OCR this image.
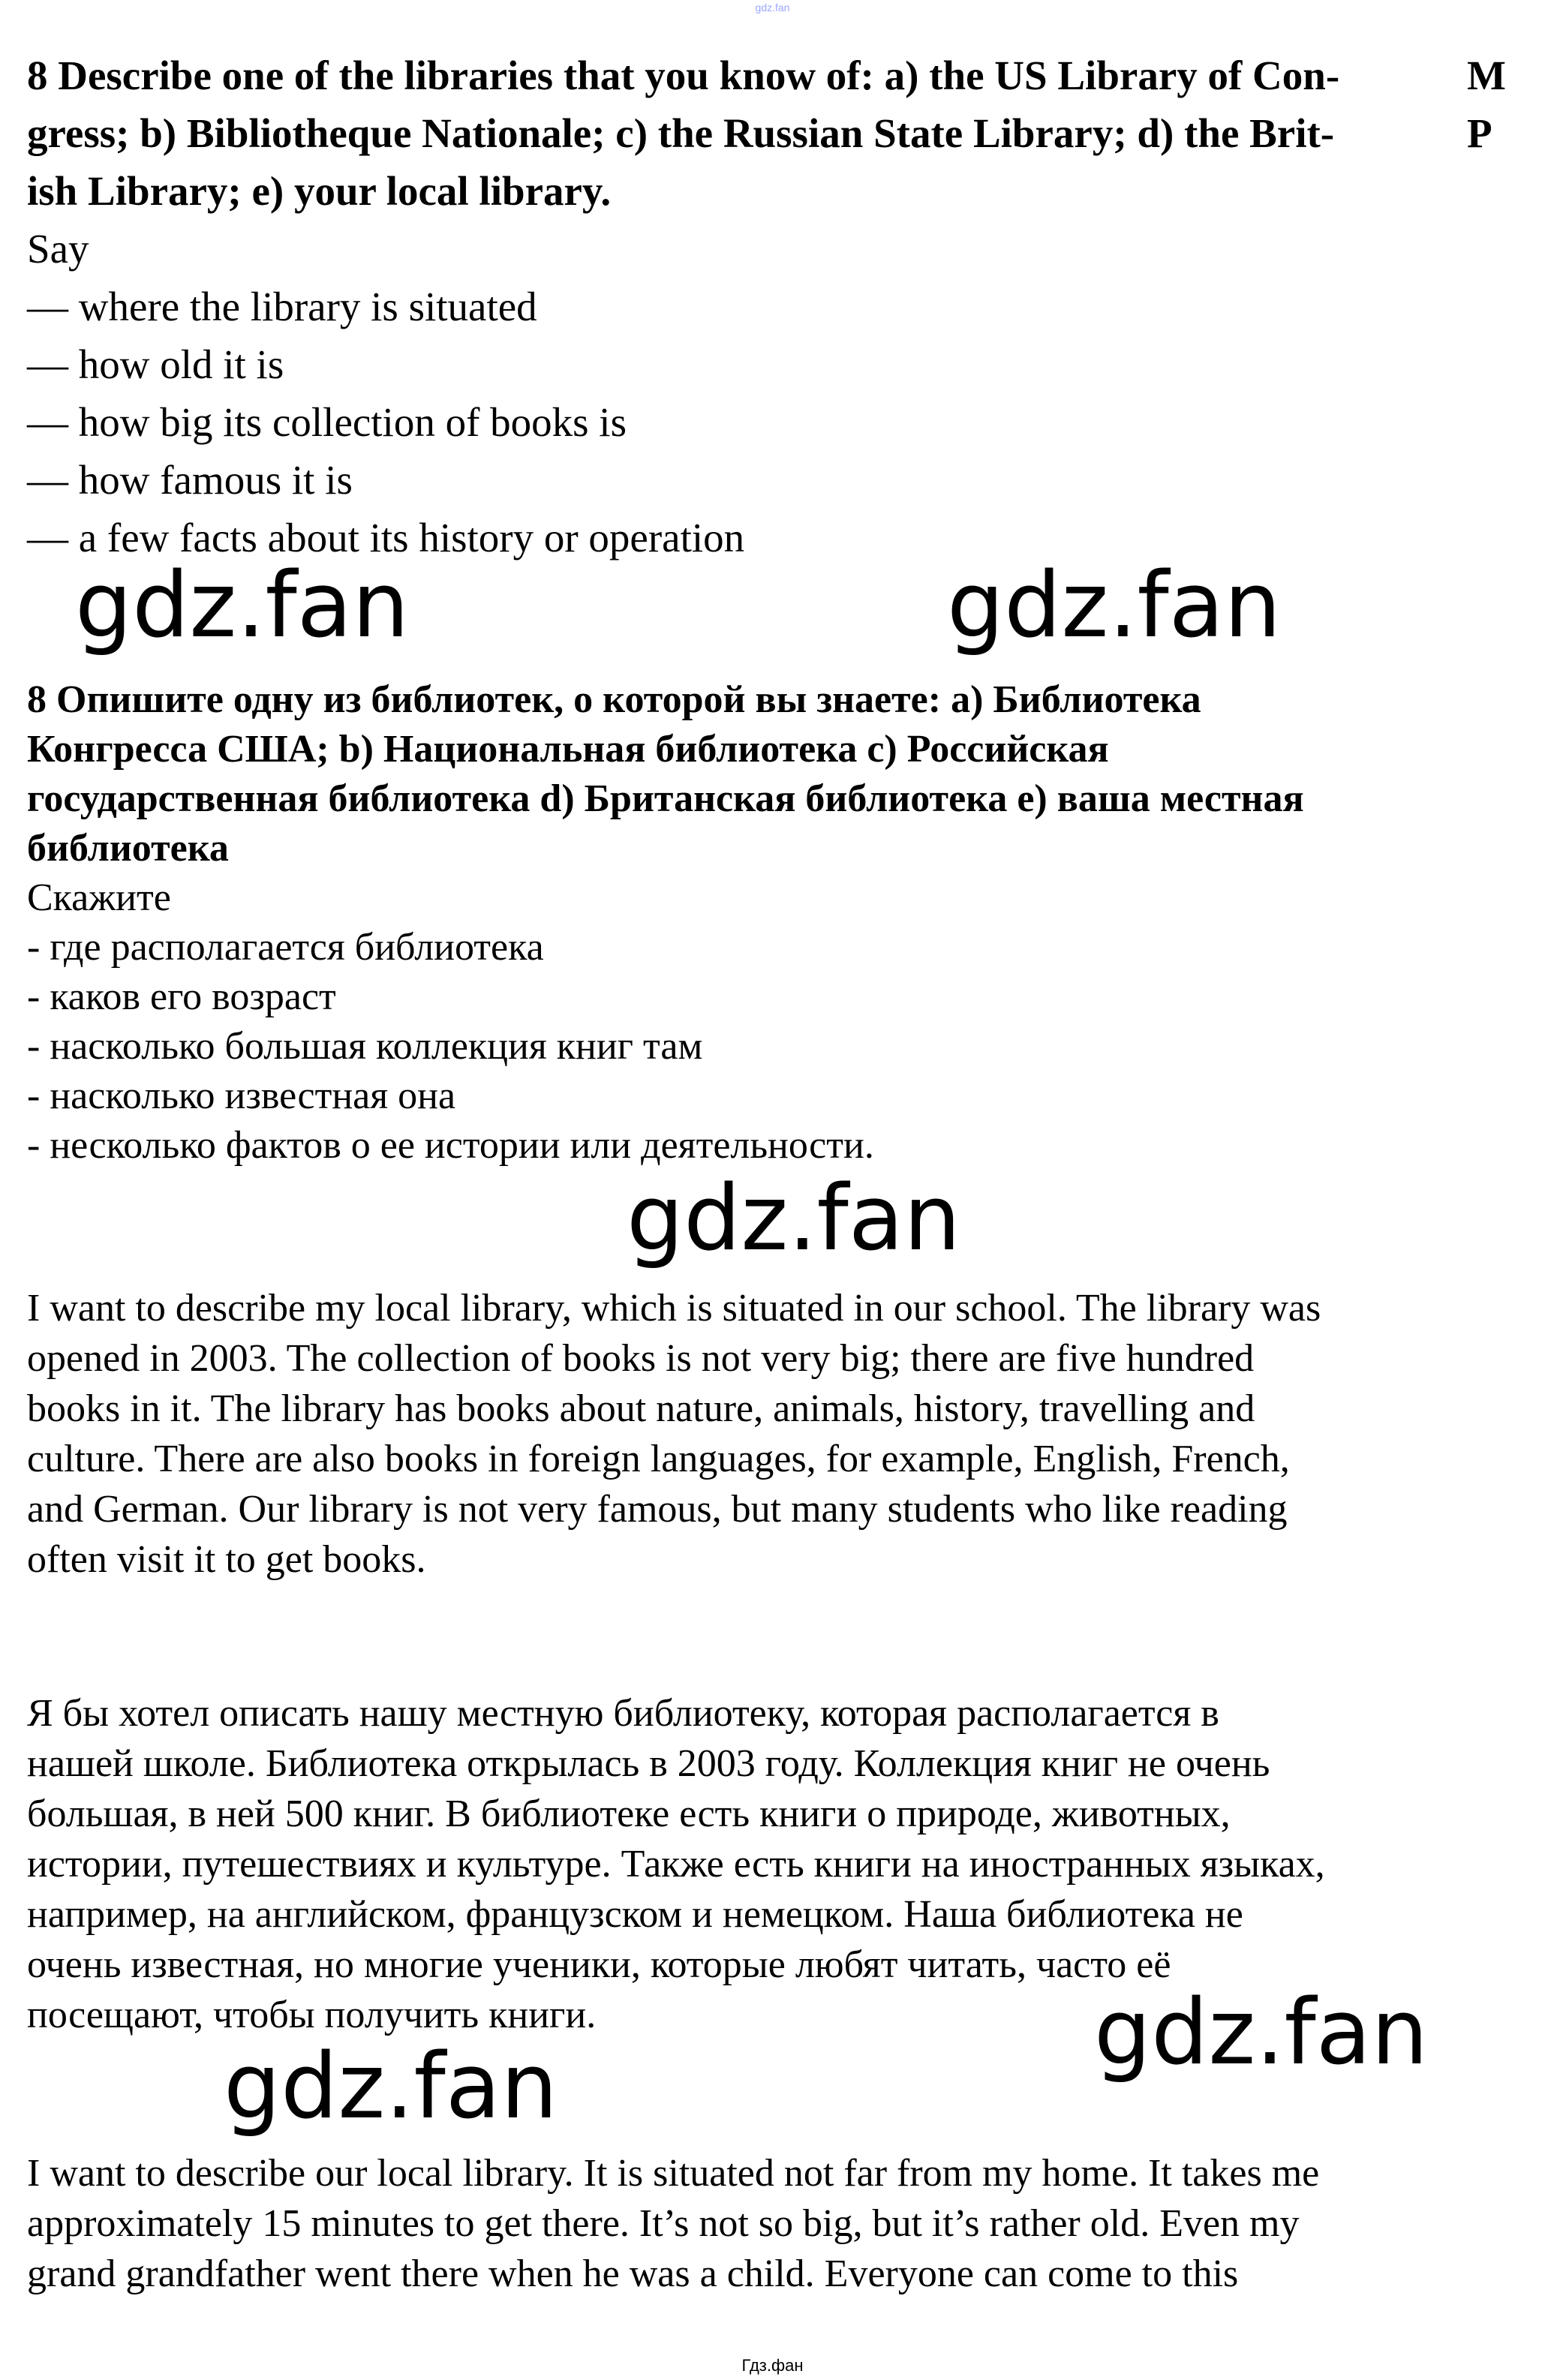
gdz.fan
8 Describe one of the libraries that you know of: a) the US Library of Con-
gress; b) Bibliotheque Nationale; c) the Russian State Library; d) the Brit-
ish Library; e) your local library.
M
P
Say
— where the library is situated
— how old it is
— how big its collection of books is
— how famous it is
— a few facts about its history or operation
gdz.fan	gdz.fan
8 Опишите одну из библиотек, о которой вы знаете: a) Библиотека
Конгресса США; b) Национальная библиотека c) Российская
государственная библиотека d) Британская библиотека e) ваша местная
библиотека
Скажите
- где располагается библиотека
- каков его возраст
- насколько большая коллекция книг там
- насколько известная она
- несколько фактов о ее истории или деятельности.
gdz.fan
I want to describe my local library, which is situated in our school. The library was
opened in 2003. The collection of books is not very big; there are five hundred
books in it. The library has books about nature, animals, history, travelling and
culture. There are also books in foreign languages, for example, English, French,
and German. Our library is not very famous, but many students who like reading
often visit it to get books.
Я бы хотел описать нашу местную библиотеку, которая располагается в
нашей школе. Библиотека открылась в 2003 году. Коллекция книг не очень
большая, в ней 500 книг. В библиотеке есть книги о природе, животных,
истории, путешествиях и культуре. Также есть книги на иностранных языках,
например, на английском, французском и немецком. Наша библиотека не
очень известная, но многие ученики, которые любят читать, часто её
посещают, чтобы получить книги.	gdz.fan
gdz.fan
I want to describe our local library. It is situated not far from my home. It takes me
approximately 15 minutes to get there. It’s not so big, but it’s rather old. Even my
grand grandfather went there when he was a child. Everyone can come to this
Гдз.фан
